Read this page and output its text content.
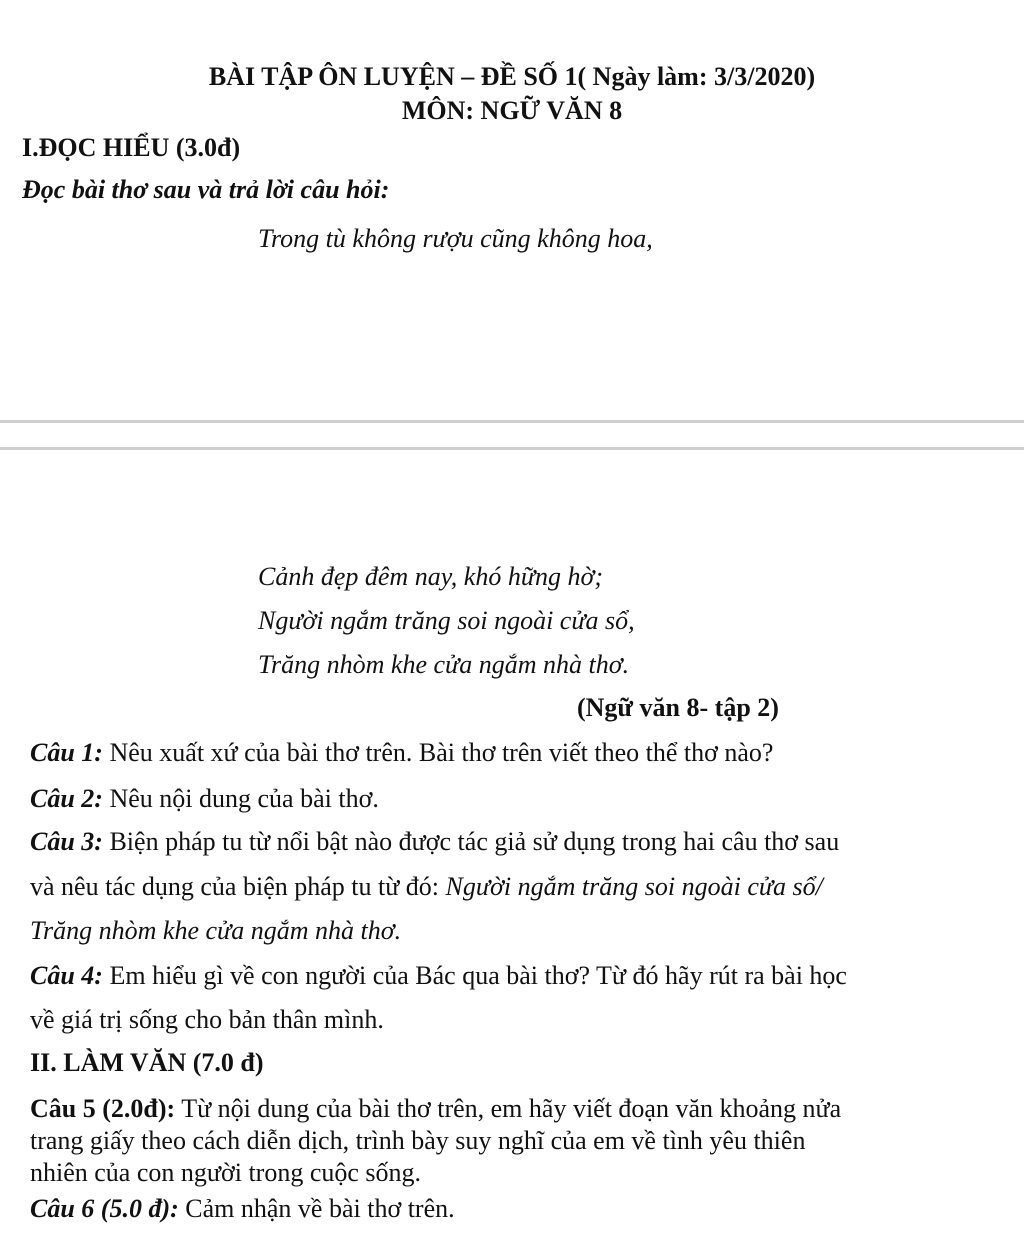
BÀI TẬP ÔN LUYỆN – ĐỀ SỐ 1( Ngày làm: 3/3/2020)
MÔN: NGỮ VĂN 8
I.ĐỌC HIỂU (3.0đ)
Đọc bài thơ sau và trả lời câu hỏi:
Trong tù không rượu cũng không hoa,
Cảnh đẹp đêm nay, khó hững hờ;
Người ngắm trăng soi ngoài cửa sổ,
Trăng nhòm khe cửa ngắm nhà thơ.
(Ngữ văn 8- tập 2)
Câu 1: Nêu xuất xứ của bài thơ trên. Bài thơ trên viết theo thể thơ nào?
Câu 2: Nêu nội dung của bài thơ.
Câu 3: Biện pháp tu từ nổi bật nào được tác giả sử dụng trong hai câu thơ sau
và nêu tác dụng của biện pháp tu từ đó: Người ngắm trăng soi ngoài cửa sổ/
Trăng nhòm khe cửa ngắm nhà thơ.
Câu 4: Em hiểu gì về con người của Bác qua bài thơ? Từ đó hãy rút ra bài học
về giá trị sống cho bản thân mình.
II. LÀM VĂN (7.0 đ)
Câu 5 (2.0đ): Từ nội dung của bài thơ trên, em hãy viết đoạn văn khoảng nửa
trang giấy theo cách diễn dịch, trình bày suy nghĩ của em về tình yêu thiên
nhiên của con người trong cuộc sống.
Câu 6 (5.0 đ): Cảm nhận về bài thơ trên.
